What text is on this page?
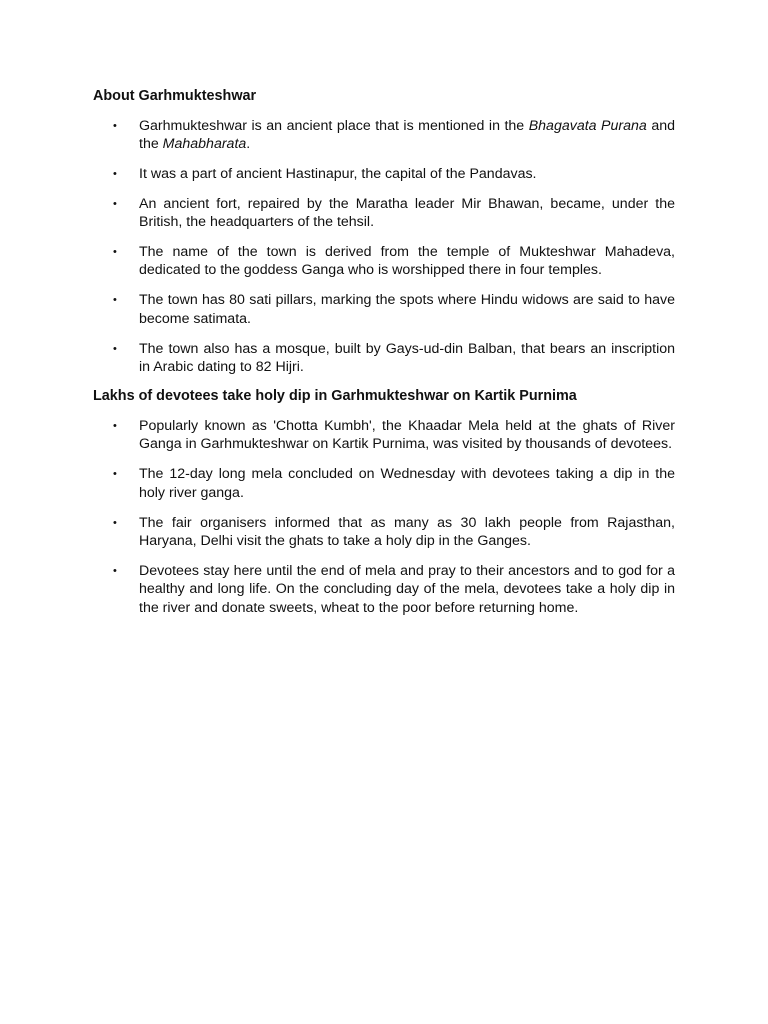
About Garhmukteshwar
• Garhmukteshwar is an ancient place that is mentioned in the Bhagavata Purana and the Mahabharata.
• It was a part of ancient Hastinapur, the capital of the Pandavas.
• An ancient fort, repaired by the Maratha leader Mir Bhawan, became, under the British, the headquarters of the tehsil.
• The name of the town is derived from the temple of Mukteshwar Mahadeva, dedicated to the goddess Ganga who is worshipped there in four temples.
• The town has 80 sati pillars, marking the spots where Hindu widows are said to have become satimata.
• The town also has a mosque, built by Gays-ud-din Balban, that bears an inscription in Arabic dating to 82 Hijri.
Lakhs of devotees take holy dip in Garhmukteshwar on Kartik Purnima
• Popularly known as 'Chotta Kumbh', the Khaadar Mela held at the ghats of River Ganga in Garhmukteshwar on Kartik Purnima, was visited by thousands of devotees.
• The 12-day long mela concluded on Wednesday with devotees taking a dip in the holy river ganga.
• The fair organisers informed that as many as 30 lakh people from Rajasthan, Haryana, Delhi visit the ghats to take a holy dip in the Ganges.
• Devotees stay here until the end of mela and pray to their ancestors and to god for a healthy and long life. On the concluding day of the mela, devotees take a holy dip in the river and donate sweets, wheat to the poor before returning home.
